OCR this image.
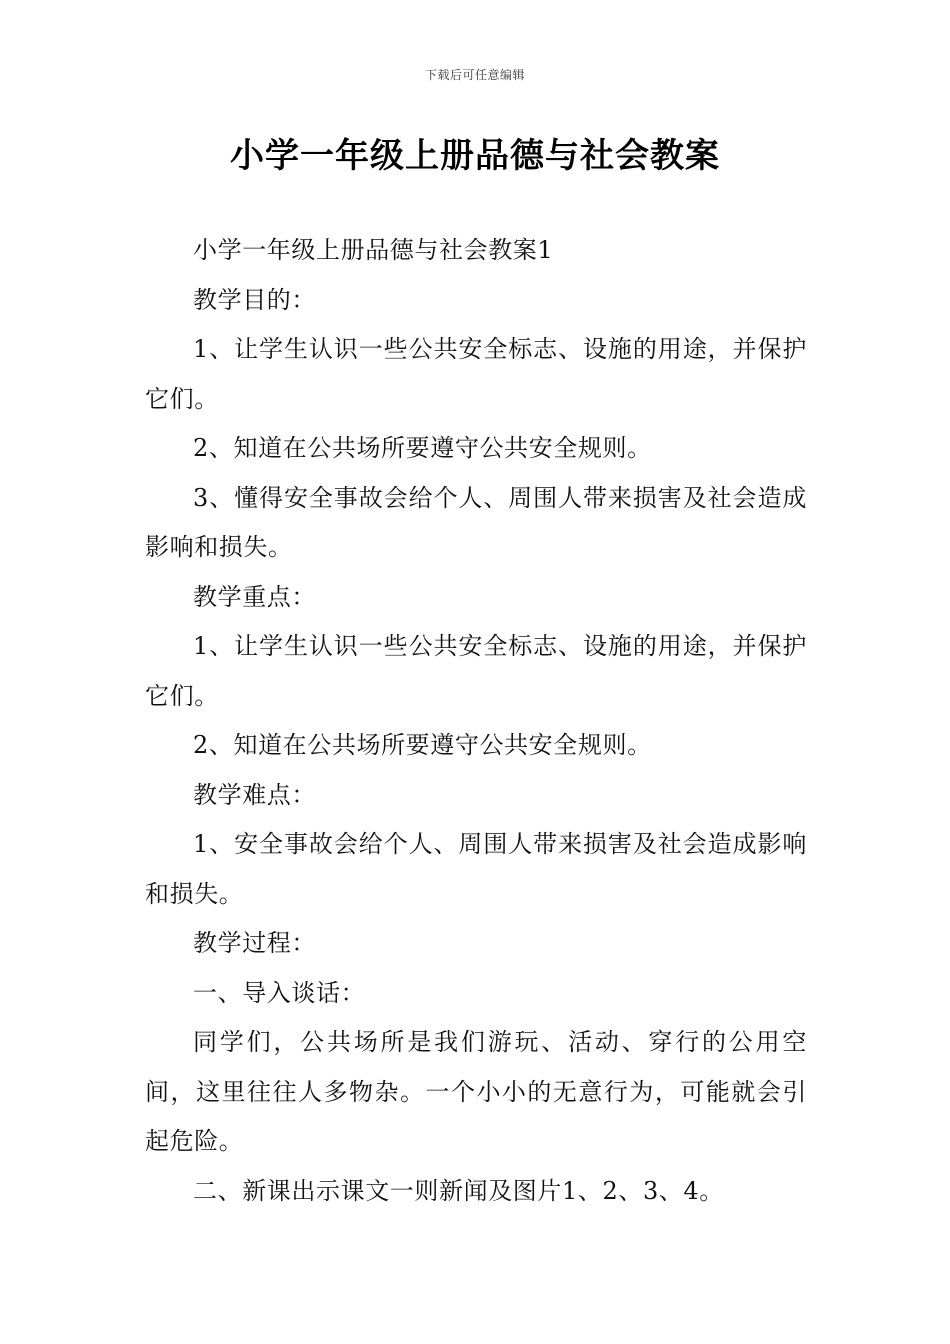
下载后可任意编辑
小学一年级上册品德与社会教案

小学一年级上册品德与社会教案1

教学目的：

1、让学生认识一些公共安全标志、设施的用途，并保护它们。

2、知道在公共场所要遵守公共安全规则。

3、懂得安全事故会给个人、周围人带来损害及社会造成影响和损失。

教学重点：

1、让学生认识一些公共安全标志、设施的用途，并保护它们。

2、知道在公共场所要遵守公共安全规则。

教学难点：

1、安全事故会给个人、周围人带来损害及社会造成影响和损失。

教学过程：

一、导入谈话：

同学们，公共场所是我们游玩、活动、穿行的公用空间，这里往往人多物杂。一个小小的无意行为，可能就会引起危险。

二、新课出示课文一则新闻及图片1、2、3、4。
